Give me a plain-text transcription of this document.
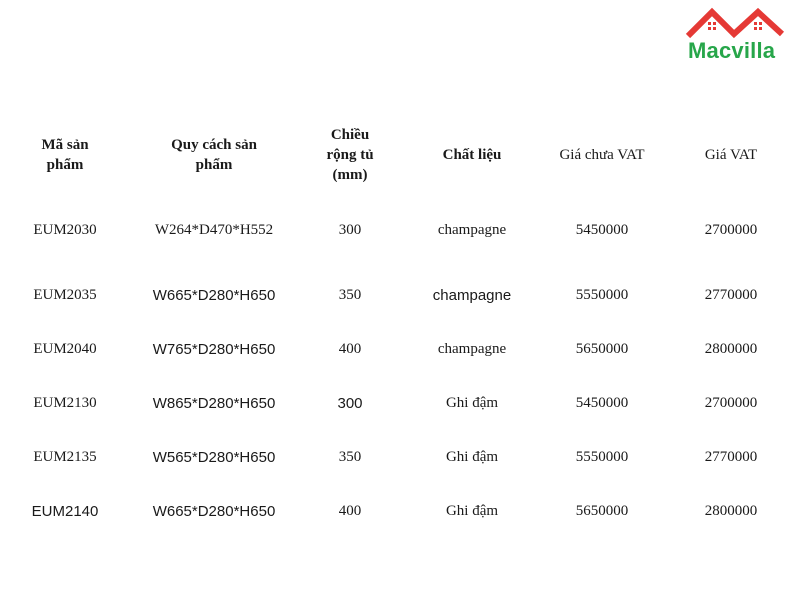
Macvilla
Mã sản phẩm	Quy cách sản phẩm	Chiều rộng tủ (mm)	Chất liệu	Giá chưa VAT	Giá VAT
EUM2030	W264*D470*H552	300	champagne	5450000	2700000
EUM2035	W665*D280*H650	350	champagne	5550000	2770000
EUM2040	W765*D280*H650	400	champagne	5650000	2800000
EUM2130	W865*D280*H650	300	Ghi đậm	5450000	2700000
EUM2135	W565*D280*H650	350	Ghi đậm	5550000	2770000
EUM2140	W665*D280*H650	400	Ghi đậm	5650000	2800000
